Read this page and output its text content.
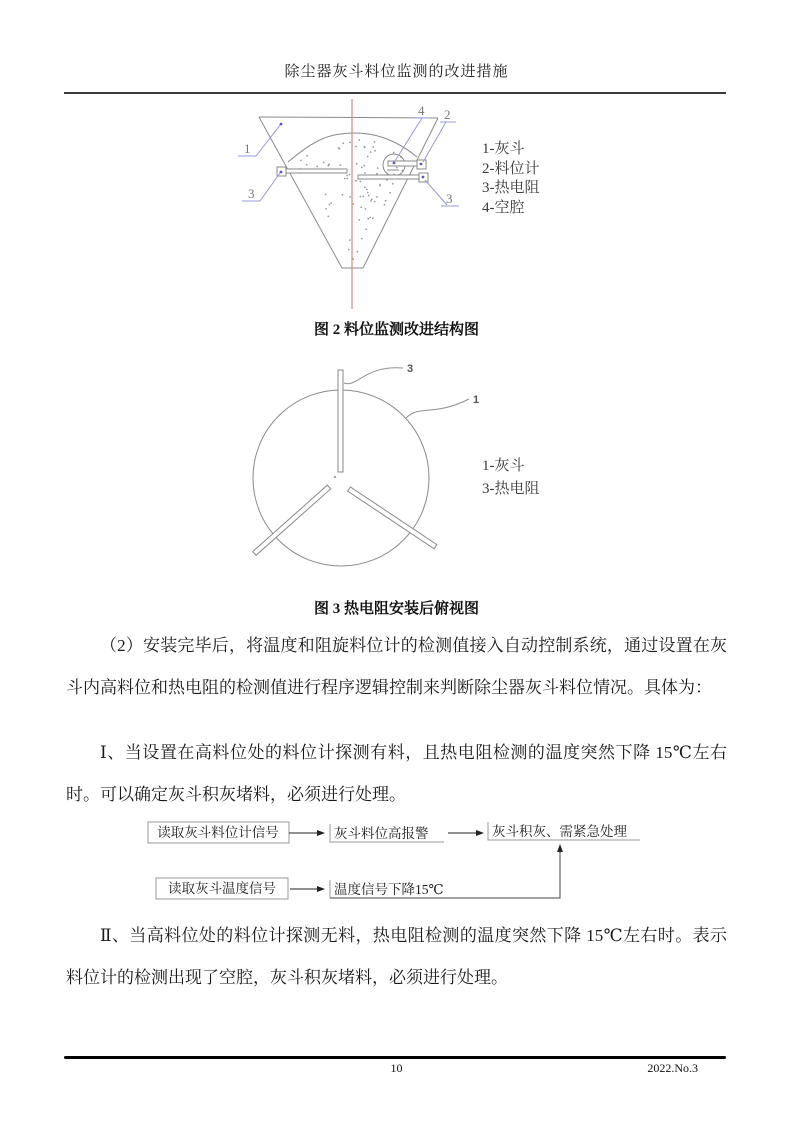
除尘器灰斗料位监测的改进措施
1
3
4 2
3
1-灰斗
2-料位计
3-热电阻
4-空腔
图 2 料位监测改进结构图
3
1
1-灰斗
3-热电阻
图 3 热电阻安装后俯视图
（2）安装完毕后，将温度和阻旋料位计的检测值接入自动控制系统，通过设置在灰斗内高料位和热电阻的检测值进行程序逻辑控制来判断除尘器灰斗料位情况。具体为：
Ⅰ、当设置在高料位处的料位计探测有料，且热电阻检测的温度突然下降 15℃左右时。可以确定灰斗积灰堵料，必须进行处理。
读取灰斗料位计信号	灰斗料位高报警	灰斗积灰、需紧急处理
读取灰斗温度信号	温度信号下降15℃
Ⅱ、当高料位处的料位计探测无料，热电阻检测的温度突然下降 15℃左右时。表示料位计的检测出现了空腔，灰斗积灰堵料，必须进行处理。
10	2022.No.3
